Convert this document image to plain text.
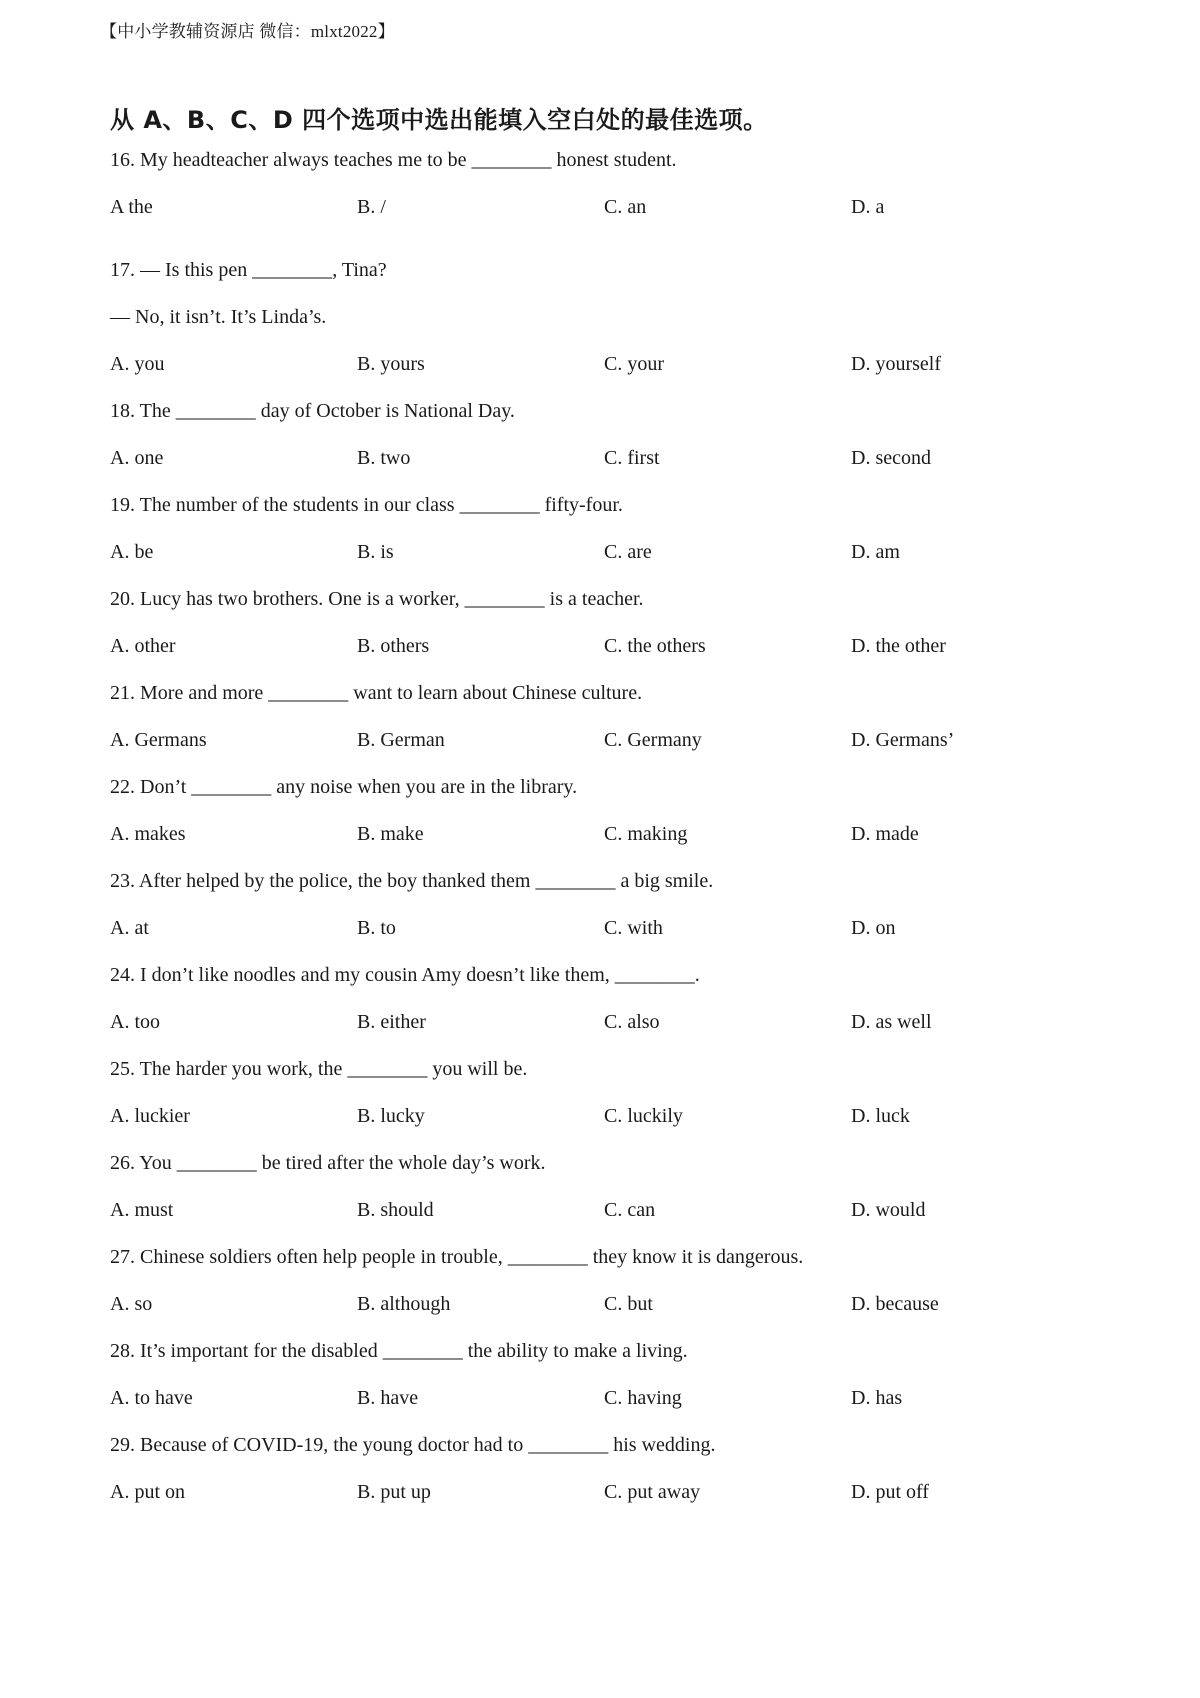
【中小学教辅资源店 微信：mlxt2022】
从 A、B、C、D 四个选项中选出能填入空白处的最佳选项。
16. My headteacher always teaches me to be ________ honest student.
A the	B. /	C. an	D. a
17. — Is this pen ________, Tina?
— No, it isn’t. It’s Linda’s.
A. you	B. yours	C. your	D. yourself
18. The ________ day of October is National Day.
A. one	B. two	C. first	D. second
19. The number of the students in our class ________ fifty-four.
A. be	B. is	C. are	D. am
20. Lucy has two brothers. One is a worker, ________ is a teacher.
A. other	B. others	C. the others	D. the other
21. More and more ________ want to learn about Chinese culture.
A. Germans	B. German	C. Germany	D. Germans’
22. Don’t ________ any noise when you are in the library.
A. makes	B. make	C. making	D. made
23. After helped by the police, the boy thanked them ________ a big smile.
A. at	B. to	C. with	D. on
24. I don’t like noodles and my cousin Amy doesn’t like them, ________.
A. too	B. either	C. also	D. as well
25. The harder you work, the ________ you will be.
A. luckier	B. lucky	C. luckily	D. luck
26. You ________ be tired after the whole day’s work.
A. must	B. should	C. can	D. would
27. Chinese soldiers often help people in trouble, ________ they know it is dangerous.
A. so	B. although	C. but	D. because
28. It’s important for the disabled ________ the ability to make a living.
A. to have	B. have	C. having	D. has
29. Because of COVID-19, the young doctor had to ________ his wedding.
A. put on	B. put up	C. put away	D. put off
